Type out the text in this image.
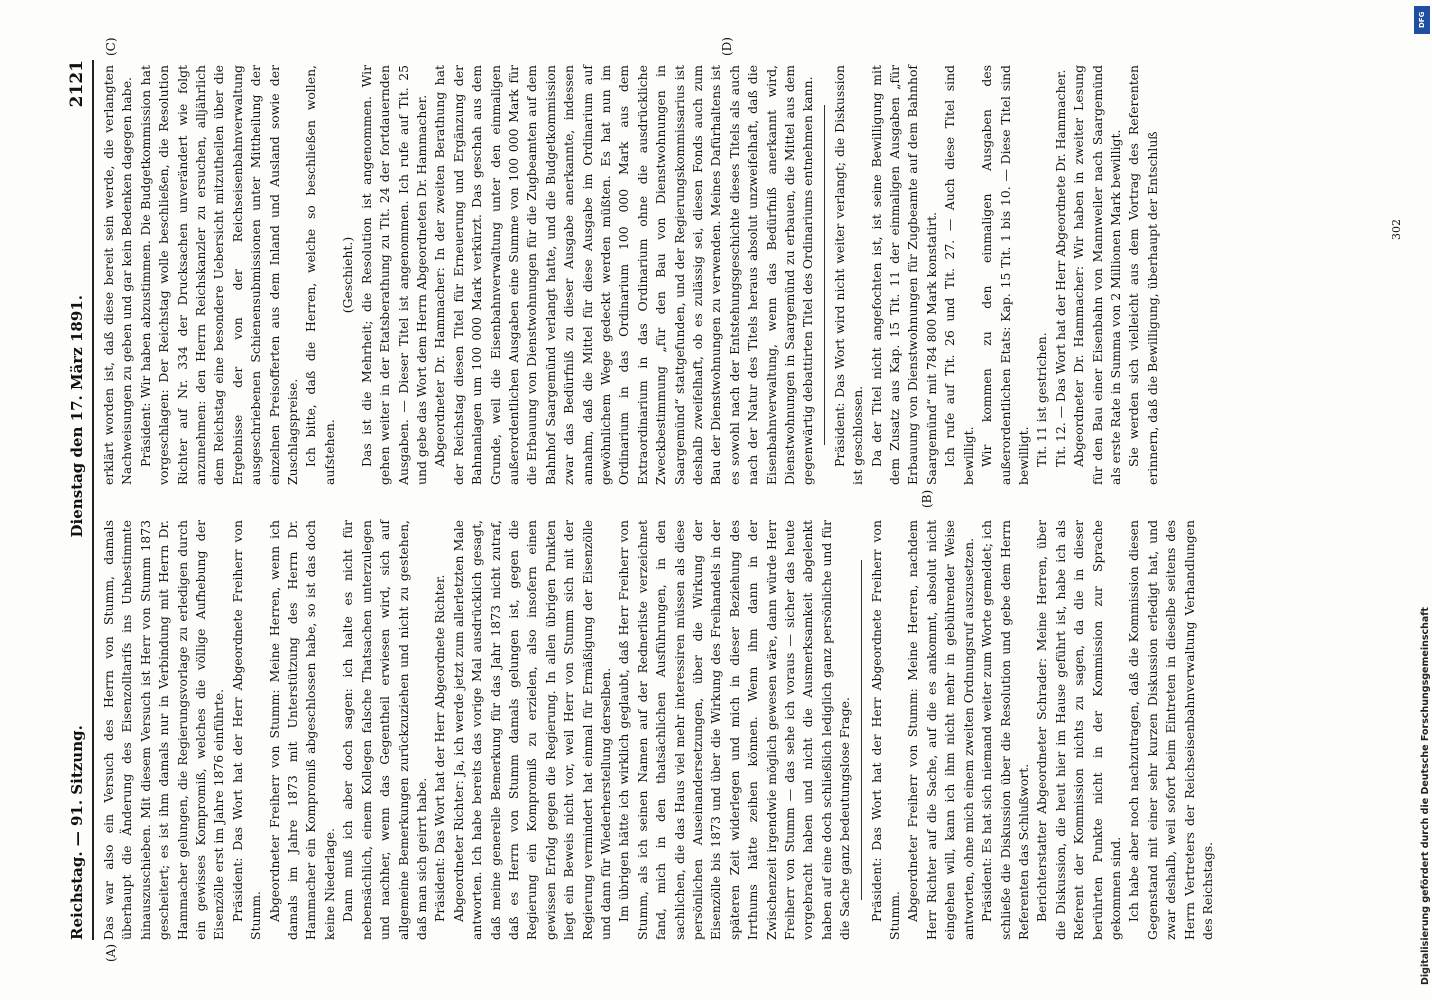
Reichstag. — 91. Sitzung.
Dienstag den 17. März 1891.
2121
(A)
(B)
(C)	(D)

Das war also ein Versuch des Herrn von Stumm, damals überhaupt die Änderung des Eisenzolltarifs ins Unbestimmte hinauszuschieben. Mit diesem Versuch ist Herr von Stumm 1873 gescheitert; es ist ihm damals nur in Verbindung mit Herrn Dr. Hammacher gelungen, die Regierungsvorlage zu erledigen durch ein gewisses Kompromiß, welches die völlige Aufhebung der Eisenzölle erst im Jahre 1876 einführte. Präsident: Das Wort hat der Herr Abgeordnete Freiherr von Stumm. Abgeordneter Freiherr von Stumm: Meine Herren, wenn ich damals im Jahre 1873 mit Unterstützung des Herrn Dr. Hammacher ein Kompromiß abgeschlossen habe, so ist das doch keine Niederlage. Dann muß ich aber doch sagen: ich halte es nicht für nebensächlich, einem Kollegen falsche Thatsachen unterzulegen und nachher, wenn das Gegentheil erwiesen wird, sich auf allgemeine Bemerkungen zurückzuziehen und nicht zu gestehen, daß man sich geirrt habe. Präsident: Das Wort hat der Herr Abgeordnete Richter. Abgeordneter Richter: Ja, ich werde jetzt zum allerletzten Male antworten. Ich habe bereits das vorige Mal ausdrücklich gesagt, daß meine generelle Bemerkung für das Jahr 1873 nicht zutraf, daß es Herrn von Stumm damals gelungen ist, gegen die Regierung ein Kompromiß zu erzielen, also insofern einen gewissen Erfolg gegen die Regierung. In allen übrigen Punkten liegt ein Beweis nicht vor, weil Herr von Stumm sich mit der Regierung vermindert hat einmal für Ermäßigung der Eisenzölle und dann für Wiederherstellung derselben. Im übrigen hätte ich wirklich geglaubt, daß Herr Freiherr von Stumm, als ich seinen Namen auf der Rednerliste verzeichnet fand, mich in den thatsächlichen Ausführungen, in den sachlichen, die das Haus viel mehr interessiren müssen als diese persönlichen Auseinandersetzungen, über die Wirkung der Eisenzölle bis 1873 und über die Wirkung des Freihandels in der späteren Zeit widerlegen und mich in dieser Beziehung des Irrthums hätte zeihen können. Wenn ihm dann in der Zwischenzeit irgendwie möglich gewesen wäre, dann würde Herr Freiherr von Stumm — das sehe ich voraus — sicher das heute vorgebracht haben und nicht die Ausmerksamkeit abgelenkt haben auf eine doch schließlich lediglich ganz persönliche und für die Sache ganz bedeutungslose Frage. Präsident: Das Wort hat der Herr Abgeordnete Freiherr von Stumm. Abgeordneter Freiherr von Stumm: Meine Herren, nachdem Herr Richter auf die Sache, auf die es ankommt, absolut nicht eingehen will, kann ich ihm nicht mehr in gebührender Weise antworten, ohne mich einem zweiten Ordnungsruf auszusetzen. Präsident: Es hat sich niemand weiter zum Worte gemeldet; ich schließe die Diskussion über die Resolution und gebe dem Herrn Referenten das Schlußwort. Berichterstatter Abgeordneter Schrader: Meine Herren, über die Diskussion, die heut hier im Hause geführt ist, habe ich als Referent der Kommission nichts zu sagen, da die in dieser berührten Punkte nicht in der Kommission zur Sprache gekommen sind. Ich habe aber noch nachzutragen, daß die Kommission diesen Gegenstand mit einer sehr kurzen Diskussion erledigt hat, und zwar deshalb, weil sofort beim Eintreten in dieselbe seitens des Herrn Vertreters der Reichseisenbahnverwaltung Verhandlungen des Reichstags.

erklärt worden ist, daß diese bereit sein werde, die verlangten Nachweisungen zu geben und gar kein Bedenken dagegen habe. Präsident: Wir haben abzustimmen. Die Budgetkommission hat vorgeschlagen: Der Reichstag wolle beschließen, die Resolution Richter auf Nr. 334 der Drucksachen unverändert wie folgt anzunehmen: den Herrn Reichskanzler zu ersuchen, alljährlich dem Reichstag eine besondere Uebersicht mitzutheilen über die Ergebnisse der von der Reichseisenbahnverwaltung ausgeschriebenen Schienensubmissionen unter Mittheilung der einzelnen Preisofferten aus dem Inland und Ausland sowie der Zuschlagspreise. Ich bitte, daß die Herren, welche so beschließen wollen, aufstehen.

(Geschieht.) Das ist die Mehrheit; die Resolution ist angenommen. Wir gehen weiter in der Etatsberathung zu Tit. 24 der fortdauernden Ausgaben. — Dieser Titel ist angenommen. Ich rufe auf Tit. 25 und gebe das Wort dem Herrn Abgeordneten Dr. Hammacher. Abgeordneter Dr. Hammacher: In der zweiten Berathung hat der Reichstag diesen Titel für Erneuerung und Ergänzung der Bahnanlagen um 100 000 Mark verkürzt. Das geschah aus dem Grunde, weil die Eisenbahnverwaltung unter den einmaligen außerordentlichen Ausgaben eine Summe von 100 000 Mark für die Erbauung von Dienstwohnungen für die Zugbeamten auf dem Bahnhof Saargemünd verlangt hatte, und die Budgetkommission zwar das Bedürfniß zu dieser Ausgabe anerkannte, indessen annahm, daß die Mittel für diese Ausgabe im Ordinarium auf gewöhnlichem Wege gedeckt werden müßten. Es hat nun im Ordinarium in das Ordinarium 100 000 Mark aus dem Extraordinarium in das Ordinarium ohne die ausdrückliche Zweckbestimmung „für den Bau von Dienstwohnungen in Saargemünd“ stattgefunden, und der Regierungskommissarius ist deshalb zweifelhaft, ob es zulässig sei, diesen Fonds auch zum Bau der Dienstwohnungen zu verwenden. Meines Dafürhaltens ist es sowohl nach der Entstehungsgeschichte dieses Titels als auch nach der Natur des Titels heraus absolut unzweifelhaft, daß die Eisenbahnverwaltung, wenn das Bedürfniß anerkannt wird, Dienstwohnungen in Saargemünd zu erbauen, die Mittel aus dem gegenwärtig debattirten Titel des Ordinariums entnehmen kann. Präsident: Das Wort wird nicht weiter verlangt; die Diskussion ist geschlossen. Da der Titel nicht angefochten ist, ist seine Bewilligung mit dem Zusatz aus Kap. 15 Tit. 11 der einmaligen Ausgaben „für Erbauung von Dienstwohnungen für Zugbeamte auf dem Bahnhof Saargemünd“ mit 784 800 Mark konstatirt. Ich rufe auf Tit. 26 und Tit. 27. — Auch diese Titel sind bewilligt. Wir kommen zu den einmaligen Ausgaben des außerordentlichen Etats: Kap. 15 Tit. 1 bis 10. — Diese Titel sind bewilligt. Tit. 11 ist gestrichen. Tit. 12. — Das Wort hat der Herr Abgeordnete Dr. Hammacher. Abgeordneter Dr. Hammacher: Wir haben in zweiter Lesung für den Bau einer Eisenbahn von Mannweiler nach Saargemünd als erste Rate in Summa von 2 Millionen Mark bewilligt. Sie werden sich vielleicht aus dem Vortrag des Referenten erinnern, daß die Bewilligung, überhaupt der Entschluß	302
DFG
Digitalisierung gefördert durch die Deutsche Forschungsgemeinschaft
